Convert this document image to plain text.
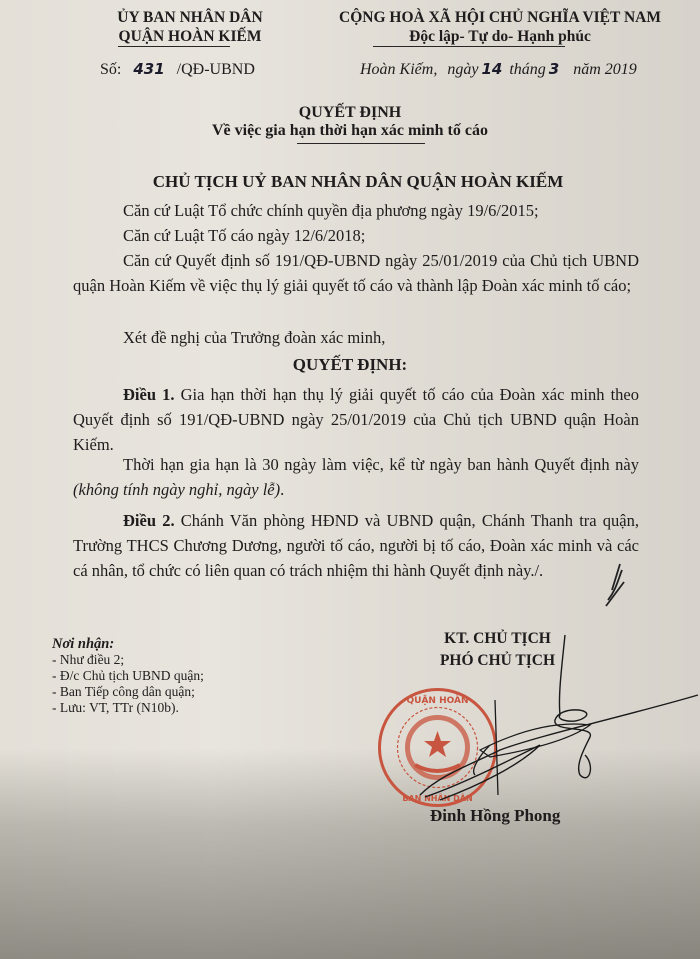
ỦY BAN NHÂN DÂN
QUẬN HOÀN KIẾM
CỘNG HOÀ XÃ HỘI CHỦ NGHĨA VIỆT NAM
Độc lập- Tự do- Hạnh phúc
Số: 431 /QĐ-UBND	Hoàn Kiếm, ngày 14 tháng 3 năm 2019
QUYẾT ĐỊNH
Về việc gia hạn thời hạn xác minh tố cáo
CHỦ TỊCH UỶ BAN NHÂN DÂN QUẬN HOÀN KIẾM
Căn cứ Luật Tổ chức chính quyền địa phương ngày 19/6/2015;
Căn cứ Luật Tố cáo ngày 12/6/2018;
Căn cứ Quyết định số 191/QĐ-UBND ngày 25/01/2019 của Chủ tịch UBND quận Hoàn Kiếm về việc thụ lý giải quyết tố cáo và thành lập Đoàn xác minh tố cáo;
Xét đề nghị của Trưởng đoàn xác minh,
QUYẾT ĐỊNH:
Điều 1. Gia hạn thời hạn thụ lý giải quyết tố cáo của Đoàn xác minh theo Quyết định số 191/QĐ-UBND ngày 25/01/2019 của Chủ tịch UBND quận Hoàn Kiếm.
Thời hạn gia hạn là 30 ngày làm việc, kể từ ngày ban hành Quyết định này (không tính ngày nghỉ, ngày lễ).
Điều 2. Chánh Văn phòng HĐND và UBND quận, Chánh Thanh tra quận, Trường THCS Chương Dương, người tố cáo, người bị tố cáo, Đoàn xác minh và các cá nhân, tổ chức có liên quan có trách nhiệm thi hành Quyết định này./.
Nơi nhận:
- Như điều 2;
- Đ/c Chủ tịch UBND quận;
- Ban Tiếp công dân quận;
- Lưu: VT, TTr (N10b).	QUẬN HOÀN
BAN NHÂN DÂN
KT. CHỦ TỊCH
PHÓ CHỦ TỊCH
Đinh Hồng Phong
